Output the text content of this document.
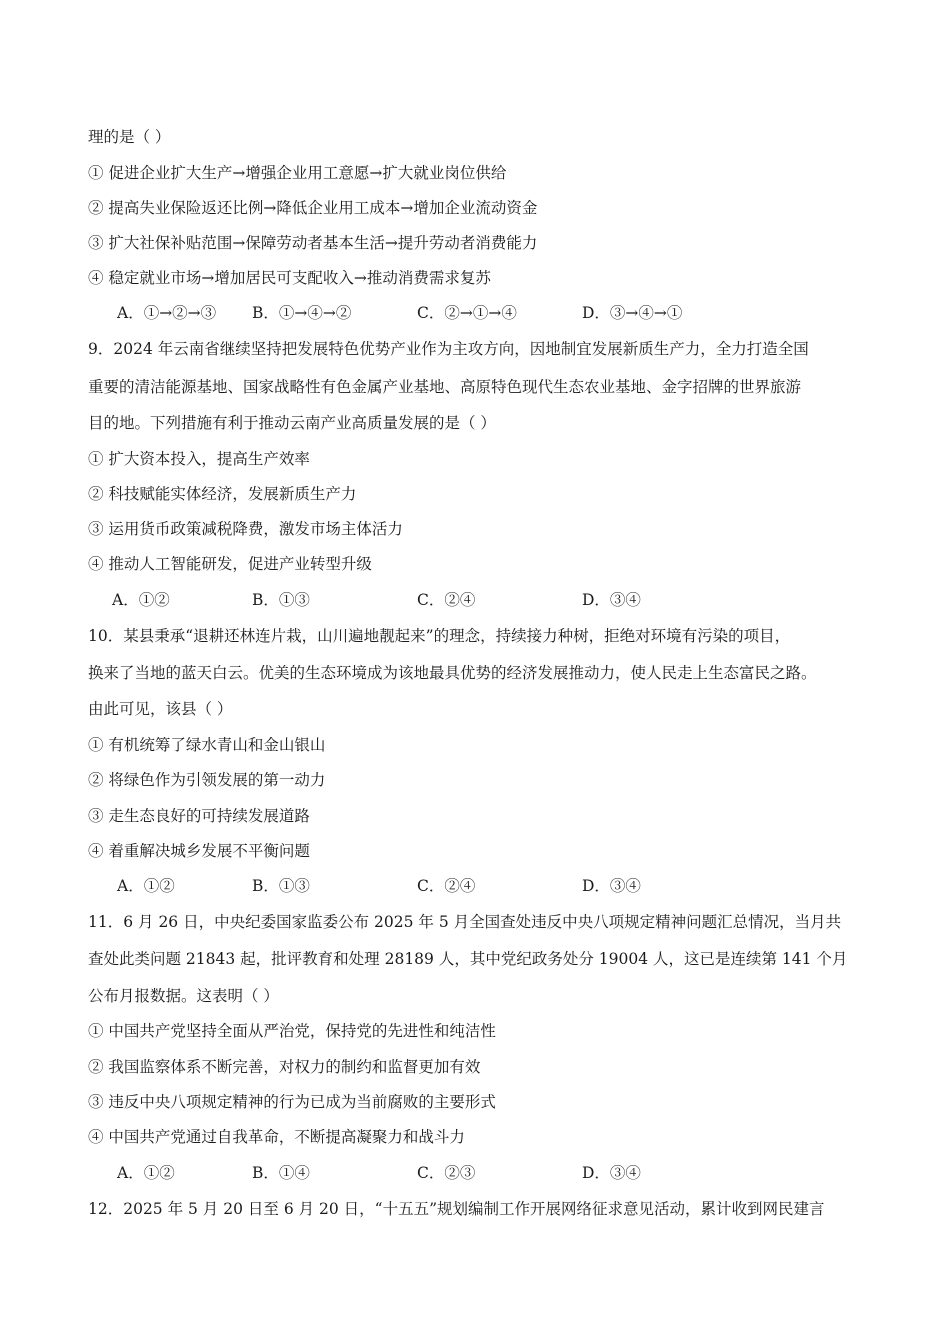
理的是（ ）
① 促进企业扩大生产→增强企业用工意愿→扩大就业岗位供给
② 提高失业保险返还比例→降低企业用工成本→增加企业流动资金
③ 扩大社保补贴范围→保障劳动者基本生活→提升劳动者消费能力
④ 稳定就业市场→增加居民可支配收入→推动消费需求复苏
A．①→②→③ B．①→④→②	C．②→①→④	D．③→④→①
9．2024 年云南省继续坚持把发展特色优势产业作为主攻方向，因地制宜发展新质生产力，全力打造全国
重要的清洁能源基地、国家战略性有色金属产业基地、高原特色现代生态农业基地、金字招牌的世界旅游
目的地。下列措施有利于推动云南产业高质量发展的是（ ）
① 扩大资本投入，提高生产效率
② 科技赋能实体经济，发展新质生产力
③ 运用货币政策减税降费，激发市场主体活力
④ 推动人工智能研发，促进产业转型升级
A．①②	B．①③	C．②④	D．③④
10．某县秉承“退耕还林连片栽，山川遍地靓起来”的理念，持续接力种树，拒绝对环境有污染的项目，
换来了当地的蓝天白云。优美的生态环境成为该地最具优势的经济发展推动力，使人民走上生态富民之路。
由此可见，该县（ ）
① 有机统筹了绿水青山和金山银山
② 将绿色作为引领发展的第一动力
③ 走生态良好的可持续发展道路
④ 着重解决城乡发展不平衡问题
A．①②	B．①③	C．②④	D．③④
11．6 月 26 日，中央纪委国家监委公布 2025 年 5 月全国查处违反中央八项规定精神问题汇总情况，当月共
查处此类问题 21843 起，批评教育和处理 28189 人，其中党纪政务处分 19004 人，这已是连续第 141 个月
公布月报数据。这表明（ ）
① 中国共产党坚持全面从严治党，保持党的先进性和纯洁性
② 我国监察体系不断完善，对权力的制约和监督更加有效
③ 违反中央八项规定精神的行为已成为当前腐败的主要形式
④ 中国共产党通过自我革命，不断提高凝聚力和战斗力
A．①②	B．①④	C．②③	D．③④
12．2025 年 5 月 20 日至 6 月 20 日，“十五五”规划编制工作开展网络征求意见活动，累计收到网民建言
